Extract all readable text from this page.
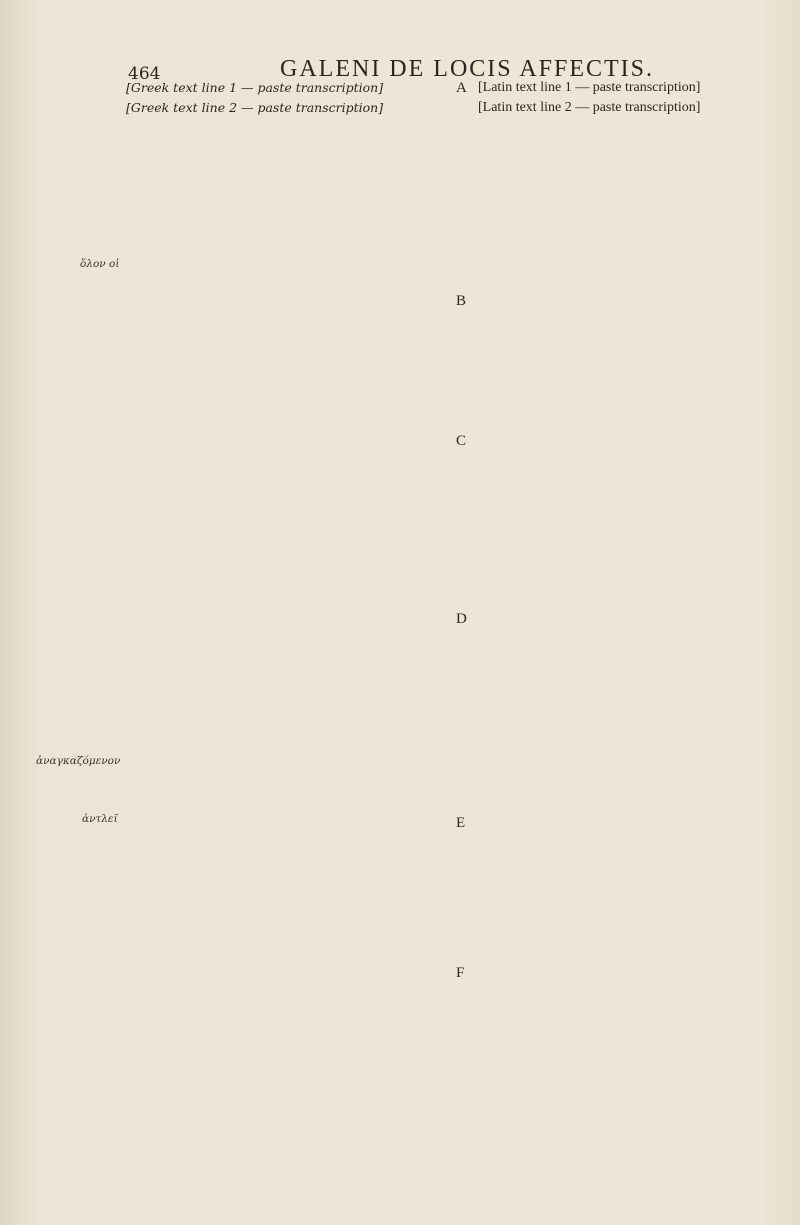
464	GALENI DE LOCIS AFFECTIS.
ὅλον οἱ
ἀναγκαζόμενον
ἀντλεῖ
A
B
C
D
E
F
[Greek text line 1 — paste transcription]
[Greek text line 2 — paste transcription]
[Latin text line 1 — paste transcription]
[Latin text line 2 — paste transcription]
